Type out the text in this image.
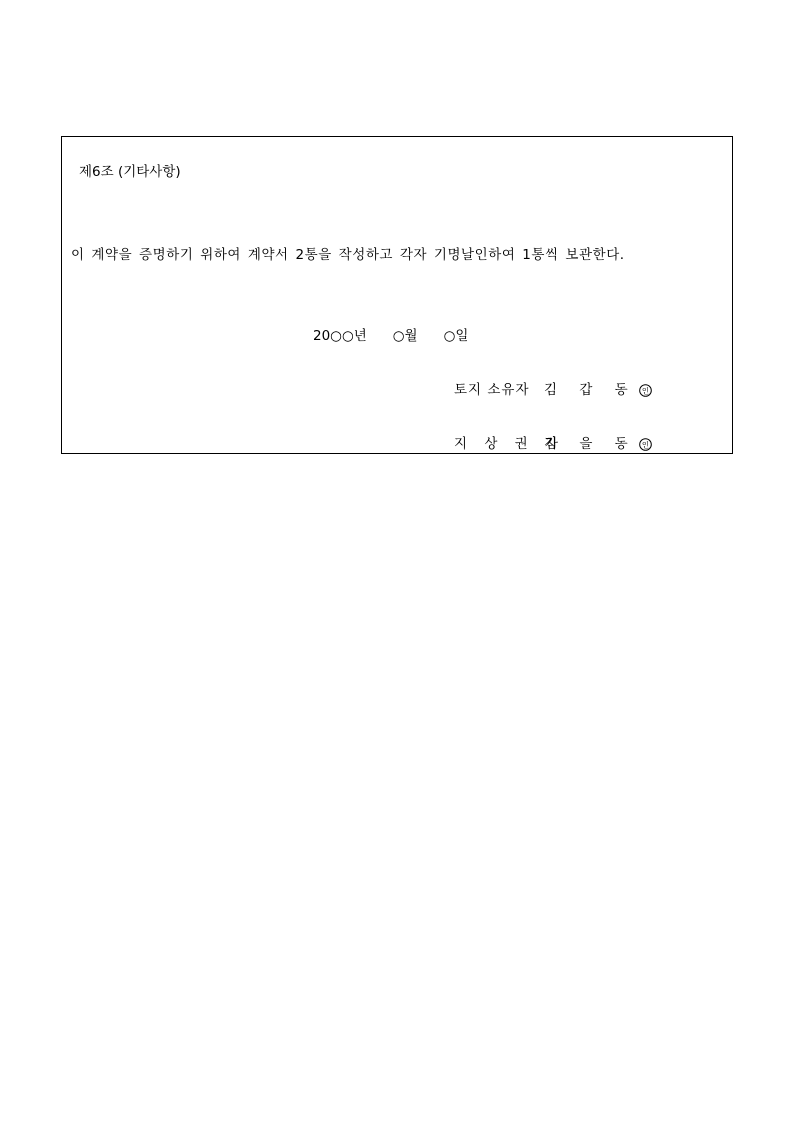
제6조 (기타사항)
이 계약을 증명하기 위하여 계약서 2통을 작성하고 각자 기명날인하여 1통씩 보관한다.
20○○년 ○월 ○일
토지 소유자	김 갑 동 인
지 상 권 자
김 을 동 인
